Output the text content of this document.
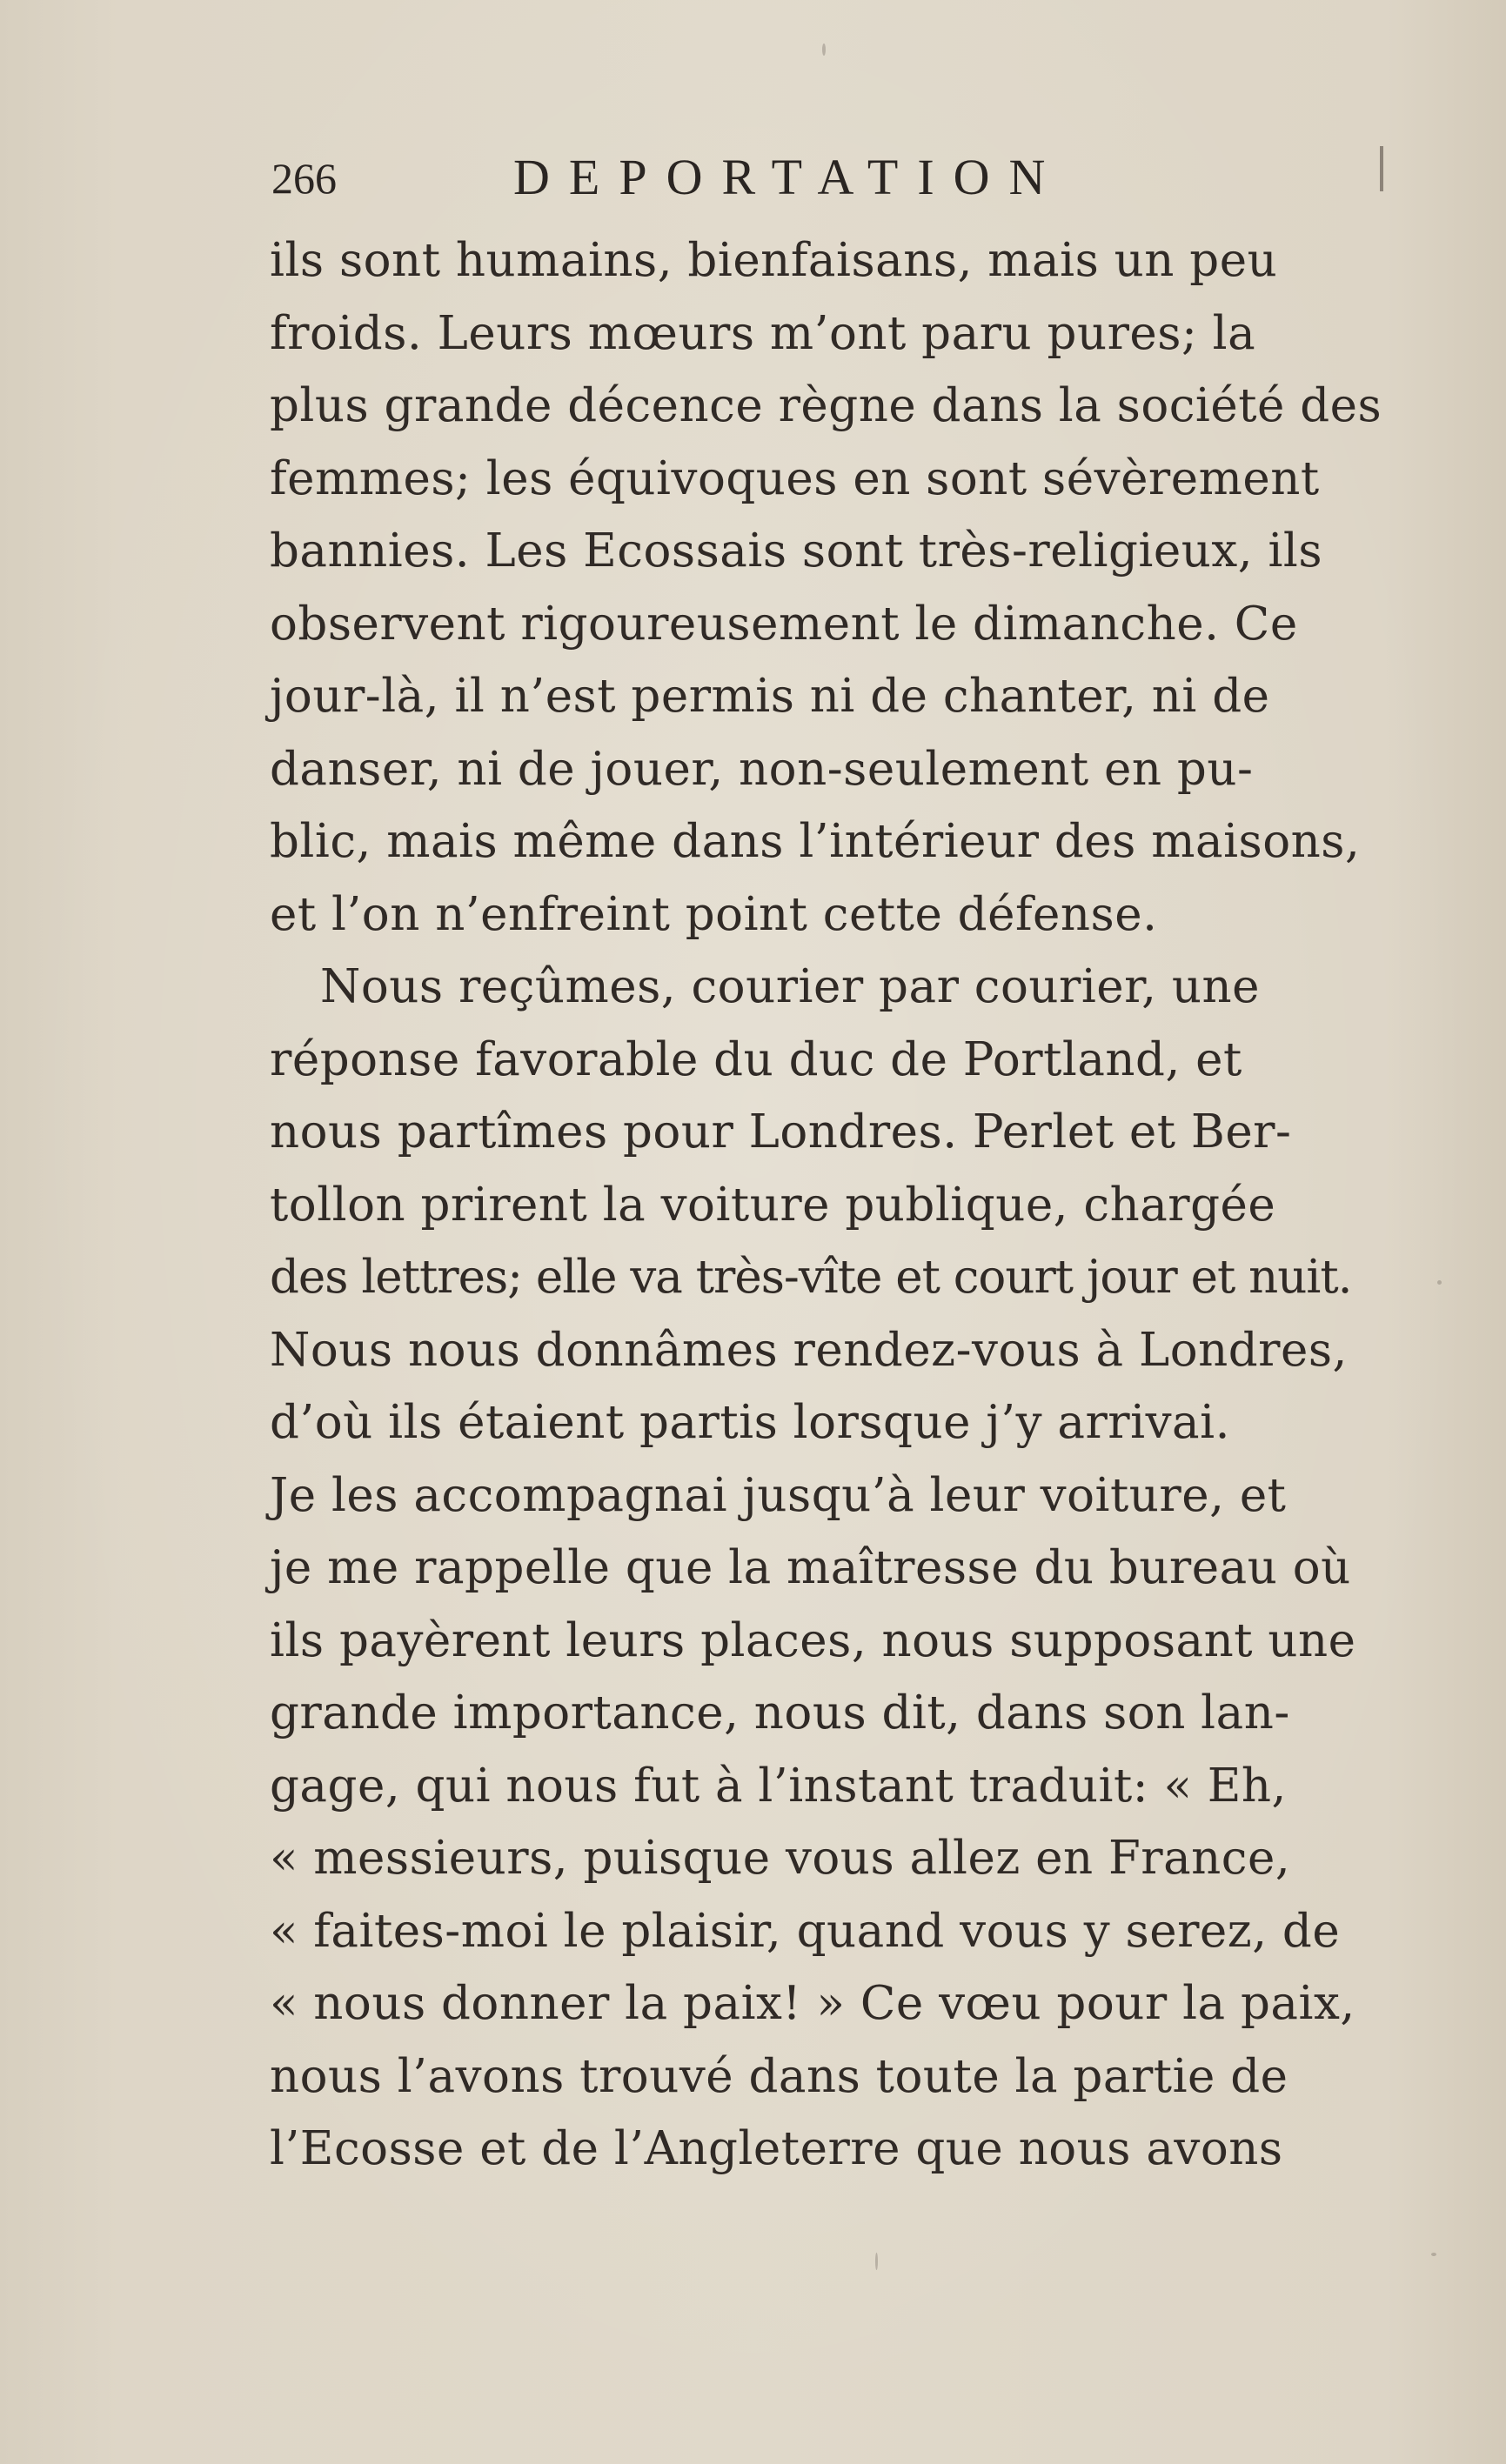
266	DEPORTATION
ils sont humains, bienfaisans, mais un peu
froids. Leurs mœurs m’ont paru pures; la
plus grande décence règne dans la société des
femmes; les équivoques en sont sévèrement
bannies. Les Ecossais sont très-religieux, ils
observent rigoureusement le dimanche. Ce
jour-là, il n’est permis ni de chanter, ni de
danser, ni de jouer, non-seulement en pu-
blic, mais même dans l’intérieur des maisons,
et l’on n’enfreint point cette défense.
Nous reçûmes, courier par courier, une
réponse favorable du duc de Portland, et
nous partîmes pour Londres. Perlet et Ber-
tollon prirent la voiture publique, chargée
des lettres; elle va très-vîte et court jour et nuit.
Nous nous donnâmes rendez-vous à Londres,
d’où ils étaient partis lorsque j’y arrivai.
Je les accompagnai jusqu’à leur voiture, et
je me rappelle que la maîtresse du bureau où
ils payèrent leurs places, nous supposant une
grande importance, nous dit, dans son lan-
gage, qui nous fut à l’instant traduit: « Eh,
« messieurs, puisque vous allez en France,
« faites-moi le plaisir, quand vous y serez, de
« nous donner la paix! » Ce vœu pour la paix,
nous l’avons trouvé dans toute la partie de
l’Ecosse et de l’Angleterre que nous avons
